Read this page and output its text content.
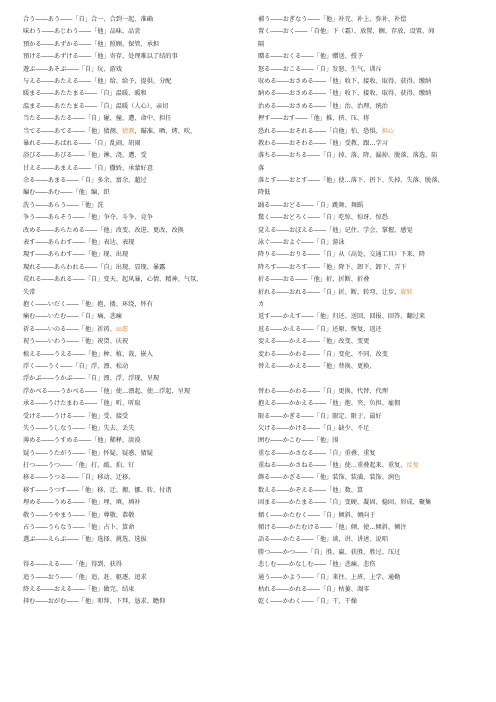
合う――あう――「自」合一、合到一起、准确
味わう――あじわう――「他」品味、品尝
預かる――あずかる――「他」照顾、保管、承担
預ける――あずける――「他」寄存、处理难以了结的事
遊ぶ――あそぶ――「自」玩、游戏
与える――あたえる――「他」给、给予、提供、分配
暖まる――あたたまる――「自」温暖、暖和
温まる――あたたまる――「自」温暖（人心）、亲切
当たる――あたる――「自」碰、撞、遭、命中、担任
当てる――あてる――「他」猜测、猜测，瞄准、晒、烤、吹、
暴れる――あばれる――「自」乱闹、胡闹
浴びる――あびる――「他」淋、浇、遭、受
甘える――あまえる――「自」撒娇、承蒙好意
余る――あまる――「自」多余、富余、超过
編む――あむ――「他」编、织
洗う――あらう――「他」洗
争う――あらそう――「他」争夺、斗争、竞争
改める――あらためる――「他」改变、改进、更改、改换
表す――あらわす――「他」表达、表现
現す――あらわす――「他」现、出现
現れる――あらわれる――「自」出现、显现、暴露
荒れる――あれる――「自」变天、起风暴，心情、精神、气氛、
失常
抱く――いだく――「他」抱、搂、环绕，怀有
痛む――いたむ――「自」痛、悲痛
祈る――いのる――「他」祈祷、ｍ愿
祝う――いわう――「他」祝贺、庆祝
植える――うえる――「他」种、植、栽、嵌入
浮く――うく――「自」浮、漂、松动
浮かぶ――うかぶ――「自」漂、浮、浮现、呈现
浮かべる――うかべる――「他」使…漂起、使…浮起、呈现
承る――うけたまわる――「他」听、听取
受ける――うける――「他」受、接受
失う――うしなう――「他」失去、丢失
薄める――うすめる――「他」稀释、淡漠
疑う――うたがう――「他」怀疑、疑惑、猜疑
打つ――うつ――「他」打、敲、拍、钉
移る――うつる――「自」移动、迁移、
移す――うつす――「他」移、迁、搬、挪、转、付诸
埋める――うめる――「他」埋、填、填补
敬う――うやまう――「他」尊敬、恭敬
占う――うらなう――「他」占卜、算命
選ぶ――えらぶ――「他」选择、挑选、选拔
得る――える――「他」得到、获得
追う――おう――「他」追、赶、驱逐、追求
終える――おえる――「他」做完、结束
拝む――おがむ――「他」叩拜、下拜、恳求、瞻仰
補う――おぎなう――「他」补充、补上、弥补、补偿
置く――おく――「自他」下（霜）、放置、搁、存放、设置、间
隔
贈る――おくる――「他」赠送、授予
怒る――おこる――「自」发怒、生气、训斥
収める――おさめる――「他」收下、接收、取得、获得、缴纳
納める――おさめる――「他」收下、接收、取得、获得、缴纳
治める――おさめる――「他」治、治理、统治
押す――おす――「他」推、挤、压、将
恐れる――おそれる――「自他」怕、恐惧、担心
教わる――おそわる――「他」受教、跟…学习
落ちる――おちる――「自」掉、落、降、漏掉、脱落、落选、陷
落
落とす――おとす――「他」使…落下、扔下、失掉、失落、脱落、
降低
踊る――おどる――「自」跳舞、舞蹈
驚く――おどろく――「自」吃惊、惊讶、惊恐
覚える――おぼえる――「他」记住、学会、掌握、感觉
泳ぐ――およぐ――「自」游泳
降りる――おりる――「自」从（高处、交通工具）下来、降
降ろす――おろす――「他」降下、卸下、卸下、弄下
折る――おる――「他」折、折断、折叠
折れる――おれる――「自」折、断、转弯、让步、旋转
カ
返す――かえす――「他」归还、送回、回报、回答、翻过来
返る――かえる――「自」还原、恢复、返还
変える――かえる――「他」改变、变更
変わる――かわる――「自」变化、不同、改变
替える――かえる――「他」替换、更换、
替わる――かわる――「自」更换、代替、代理
抱える――かかえる――「他」抱、夹、负担、雇佣
限る――かぎる――「自」限定、限于、最好
欠ける――かける――「自」缺少、不足
囲む――かこむ――「他」围
重なる――かさなる――「自」重叠、重复
重ねる――かさねる――「他」使…重叠起来、重复、反复
飾る――かざる――「他」装饰、装潢、装饰、润色
数える――かぞえる――「他」数、算
固まる――かたまる――「自」变硬、凝固、稳固、形成、聚集
傾く――かたむく――「自」倾斜、倾向于
傾ける――かたむける――「他」倾、使…倾斜、倾注
語る――かたる――「他」谈、讲、讲述、说唱
勝つ――かつ――「自」胜、赢、获胜、胜过、压过
悲しむ――かなしむ――「他」悲痛、悲伤
通う――かよう――「自」来往、上班、上学、通勤
枯れる――かれる――「自」枯萎、凋零
乾く――かわく――「自」干、干燥
